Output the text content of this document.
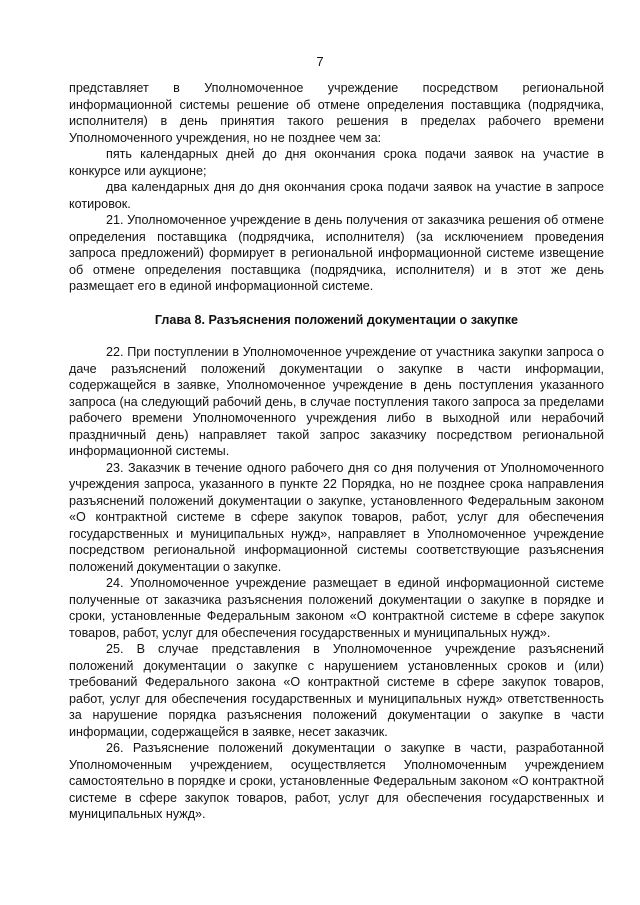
7

представляет в Уполномоченное учреждение посредством региональной информационной системы решение об отмене определения поставщика (подрядчика, исполнителя) в день принятия такого решения в пределах рабочего времени Уполномоченного учреждения, но не позднее чем за:

пять календарных дней до дня окончания срока подачи заявок на участие в конкурсе или аукционе;

два календарных дня до дня окончания срока подачи заявок на участие в запросе котировок.

21. Уполномоченное учреждение в день получения от заказчика решения об отмене определения поставщика (подрядчика, исполнителя) (за исключением проведения запроса предложений) формирует в региональной информационной системе извещение об отмене определения поставщика (подрядчика, исполнителя) и в этот же день размещает его в единой информационной системе.

Глава 8. Разъяснения положений документации о закупке

22. При поступлении в Уполномоченное учреждение от участника закупки запроса о даче разъяснений положений документации о закупке в части информации, содержащейся в заявке, Уполномоченное учреждение в день поступления указанного запроса (на следующий рабочий день, в случае поступления такого запроса за пределами рабочего времени Уполномоченного учреждения либо в выходной или нерабочий праздничный день) направляет такой запрос заказчику посредством региональной информационной системы.

23. Заказчик в течение одного рабочего дня со дня получения от Уполномоченного учреждения запроса, указанного в пункте 22 Порядка, но не позднее срока направления разъяснений положений документации о закупке, установленного Федеральным законом «О контрактной системе в сфере закупок товаров, работ, услуг для обеспечения государственных и муниципальных нужд», направляет в Уполномоченное учреждение посредством региональной информационной системы соответствующие разъяснения положений документации о закупке.

24. Уполномоченное учреждение размещает в единой информационной системе полученные от заказчика разъяснения положений документации о закупке в порядке и сроки, установленные Федеральным законом «О контрактной системе в сфере закупок товаров, работ, услуг для обеспечения государственных и муниципальных нужд».

25. В случае представления в Уполномоченное учреждение разъяснений положений документации о закупке с нарушением установленных сроков и (или) требований Федерального закона «О контрактной системе в сфере закупок товаров, работ, услуг для обеспечения государственных и муниципальных нужд» ответственность за нарушение порядка разъяснения положений документации о закупке в части информации, содержащейся в заявке, несет заказчик.

26. Разъяснение положений документации о закупке в части, разработанной Уполномоченным учреждением, осуществляется Уполномоченным учреждением самостоятельно в порядке и сроки, установленные Федеральным законом «О контрактной системе в сфере закупок товаров, работ, услуг для обеспечения государственных и муниципальных нужд».
